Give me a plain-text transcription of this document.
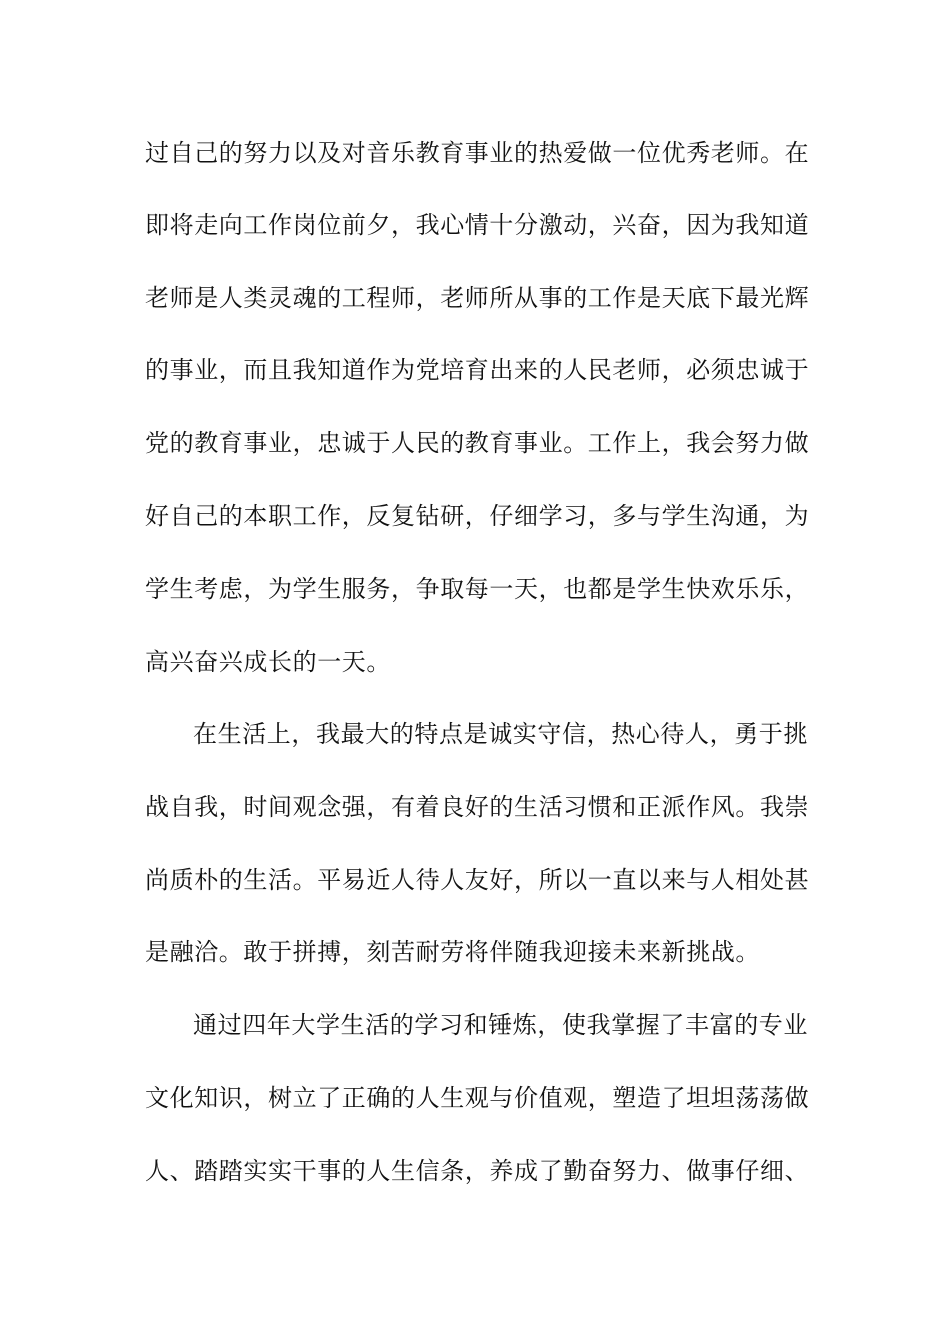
过自己的努力以及对音乐教育事业的热爱做一位优秀老师。在
即将走向工作岗位前夕，我心情十分激动，兴奋，因为我知道
老师是人类灵魂的工程师，老师所从事的工作是天底下最光辉
的事业，而且我知道作为党培育出来的人民老师，必须忠诚于
党的教育事业，忠诚于人民的教育事业。工作上，我会努力做
好自己的本职工作，反复钻研，仔细学习，多与学生沟通，为
学生考虑，为学生服务，争取每一天，也都是学生快欢乐乐，
高兴奋兴成长的一天。
在生活上，我最大的特点是诚实守信，热心待人，勇于挑
战自我，时间观念强，有着良好的生活习惯和正派作风。我崇
尚质朴的生活。平易近人待人友好，所以一直以来与人相处甚
是融洽。敢于拼搏，刻苦耐劳将伴随我迎接未来新挑战。
通过四年大学生活的学习和锤炼，使我掌握了丰富的专业
文化知识，树立了正确的人生观与价值观，塑造了坦坦荡荡做
人、踏踏实实干事的人生信条，养成了勤奋努力、做事仔细、
